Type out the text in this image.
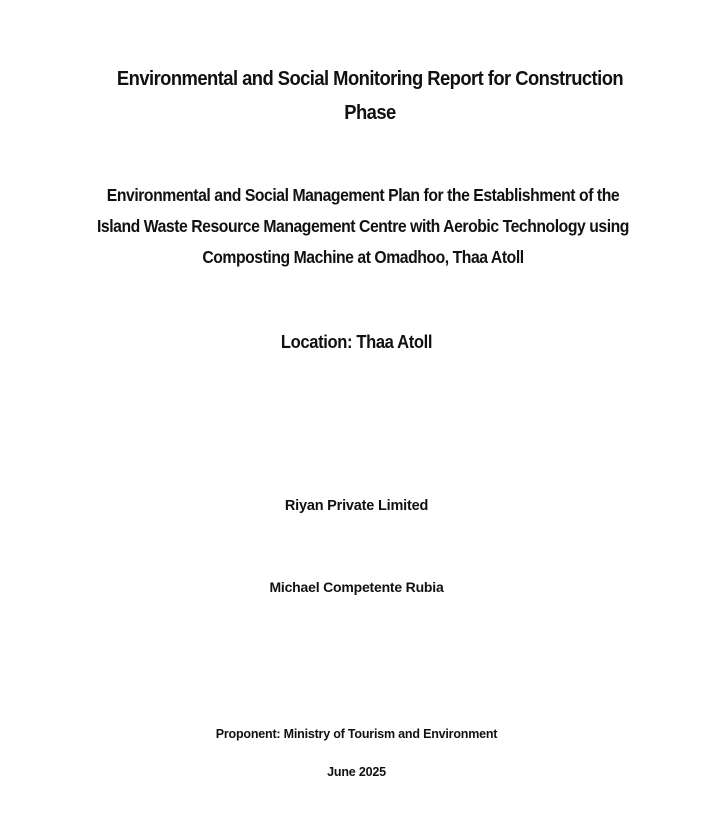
Environmental and Social Monitoring Report for Construction Phase
Environmental and Social Management Plan for the Establishment of the Island Waste Resource Management Centre with Aerobic Technology using Composting Machine at Omadhoo, Thaa Atoll
Location: Thaa Atoll
Riyan Private Limited
Michael Competente Rubia
Proponent: Ministry of Tourism and Environment
June 2025
